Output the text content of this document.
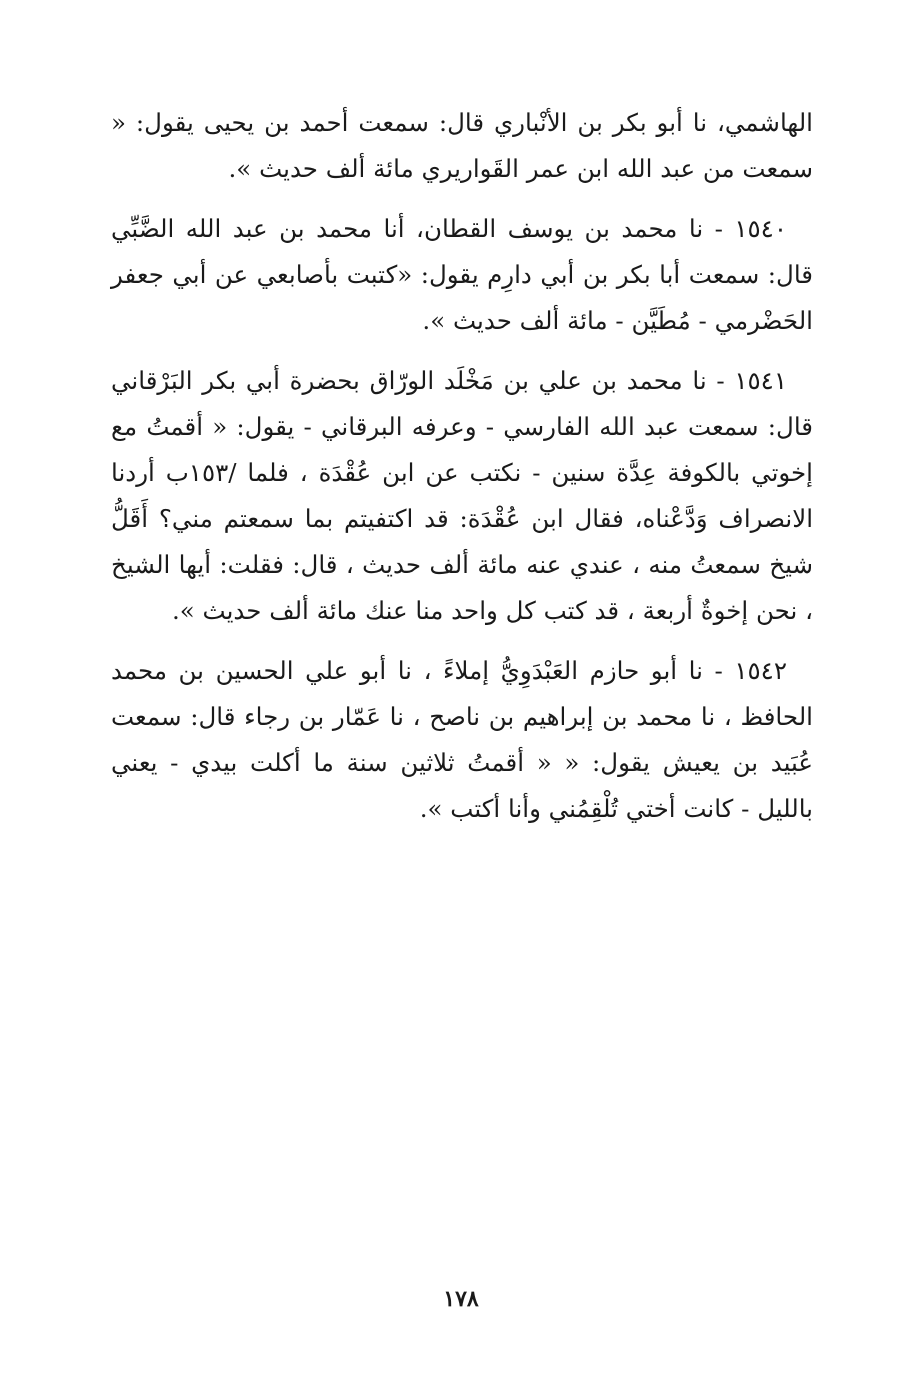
الهاشمي، نا أبو بكر بن الأنْباري قال: سمعت أحمد بن يحيى يقول: « سمعت من عبد الله ابن عمر القَواريري مائة ألف حديث ».

١٥٤٠ - نا محمد بن يوسف القطان، أنا محمد بن عبد الله الضَّبِّي قال: سمعت أبا بكر بن أبي دارِم يقول: «كتبت بأصابعي عن أبي جعفر الحَضْرمي - مُطَيَّن - مائة ألف حديث ».

١٥٤١ - نا محمد بن علي بن مَخْلَد الورّاق بحضرة أبي بكر البَرْقاني قال: سمعت عبد الله الفارسي - وعرفه البرقاني - يقول: « أقمتُ مع إخوتي بالكوفة عِدَّة سنين - نكتب عن ابن عُقْدَة ، فلما /١٥٣ب أردنا الانصراف وَدَّعْناه، فقال ابن عُقْدَة: قد اكتفيتم بما سمعتم مني؟ أَقَلُّ شيخ سمعتُ منه ، عندي عنه مائة ألف حديث ، قال: فقلت: أيها الشيخ ، نحن إخوةٌ أربعة ، قد كتب كل واحد منا عنك مائة ألف حديث ».

١٥٤٢ - نا أبو حازم العَبْدَوِيُّ إملاءً ، نا أبو علي الحسين بن محمد الحافظ ، نا محمد بن إبراهيم بن ناصح ، نا عَمّار بن رجاء قال: سمعت عُبَيد بن يعيش يقول: « « أقمتُ ثلاثين سنة ما أكلت بيدي - يعني بالليل - كانت أختي تُلْقِمُني وأنا أكتب ».

١٧٨
